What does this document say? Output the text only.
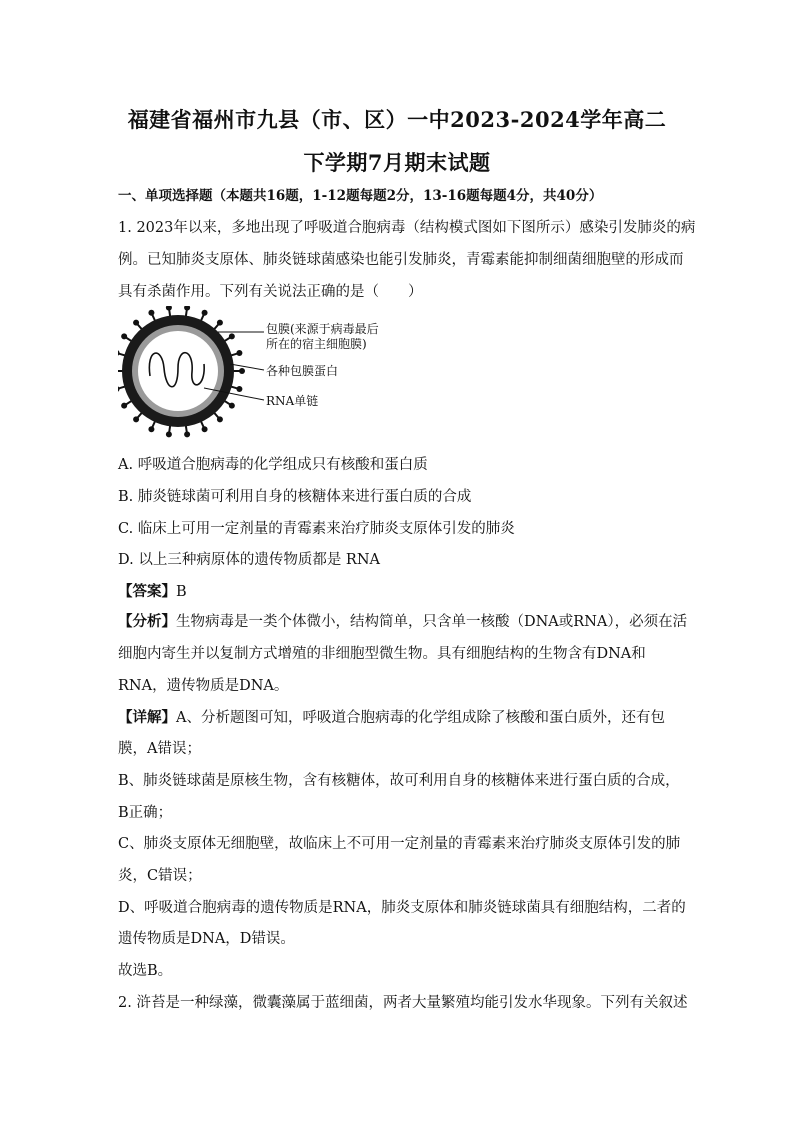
福建省福州市九县（市、区）一中2023-2024学年高二
下学期7月期末试题
一、单项选择题（本题共16题，1-12题每题2分，13-16题每题4分，共40分）
1. 2023年以来，多地出现了呼吸道合胞病毒（结构模式图如下图所示）感染引发肺炎的病
例。已知肺炎支原体、肺炎链球菌感染也能引发肺炎，青霉素能抑制细菌细胞壁的形成而
具有杀菌作用。下列有关说法正确的是（　　）
包膜(来源于病毒最后
所在的宿主细胞膜)
各种包膜蛋白
RNA单链
A. 呼吸道合胞病毒的化学组成只有核酸和蛋白质
B. 肺炎链球菌可利用自身的核糖体来进行蛋白质的合成
C. 临床上可用一定剂量的青霉素来治疗肺炎支原体引发的肺炎
D. 以上三种病原体的遗传物质都是 RNA
【答案】B
【分析】生物病毒是一类个体微小，结构简单，只含单一核酸（DNA或RNA），必须在活
细胞内寄生并以复制方式增殖的非细胞型微生物。具有细胞结构的生物含有DNA和
RNA，遗传物质是DNA。
【详解】A、分析题图可知，呼吸道合胞病毒的化学组成除了核酸和蛋白质外，还有包
膜，A错误；
B、肺炎链球菌是原核生物，含有核糖体，故可利用自身的核糖体来进行蛋白质的合成，
B正确；
C、肺炎支原体无细胞壁，故临床上不可用一定剂量的青霉素来治疗肺炎支原体引发的肺
炎，C错误；
D、呼吸道合胞病毒的遗传物质是RNA，肺炎支原体和肺炎链球菌具有细胞结构，二者的
遗传物质是DNA，D错误。
故选B。
2. 浒苔是一种绿藻，微囊藻属于蓝细菌，两者大量繁殖均能引发水华现象。下列有关叙述
